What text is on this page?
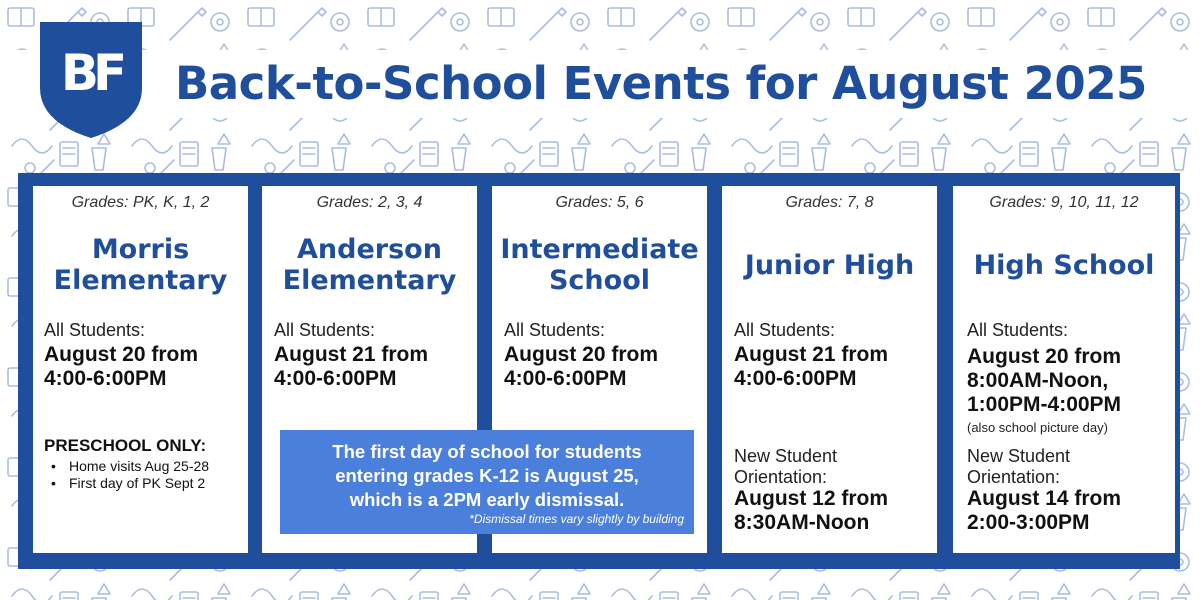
BF Back-to-School Events for August 2025
Grades: PK, K, 1, 2
Morris
Elementary
All Students:
August 20 from
4:00-6:00PM
PRESCHOOL ONLY:
• Home visits Aug 25-28
• First day of PK Sept 2
Grades: 2, 3, 4
Anderson
Elementary
All Students:
August 21 from
4:00-6:00PM
Grades: 5, 6
Intermediate
School
All Students:
August 20 from
4:00-6:00PM
Grades: 7, 8
Junior High
All Students:
August 21 from
4:00-6:00PM
New Student
Orientation:
August 12 from
8:30AM-Noon
Grades: 9, 10, 11, 12
High School
All Students:
August 20 from
8:00AM-Noon,
1:00PM-4:00PM
(also school picture day)
New Student
Orientation:
August 14 from
2:00-3:00PM
The first day of school for students
entering grades K-12 is August 25,
which is a 2PM early dismissal.
*Dismissal times vary slightly by building
